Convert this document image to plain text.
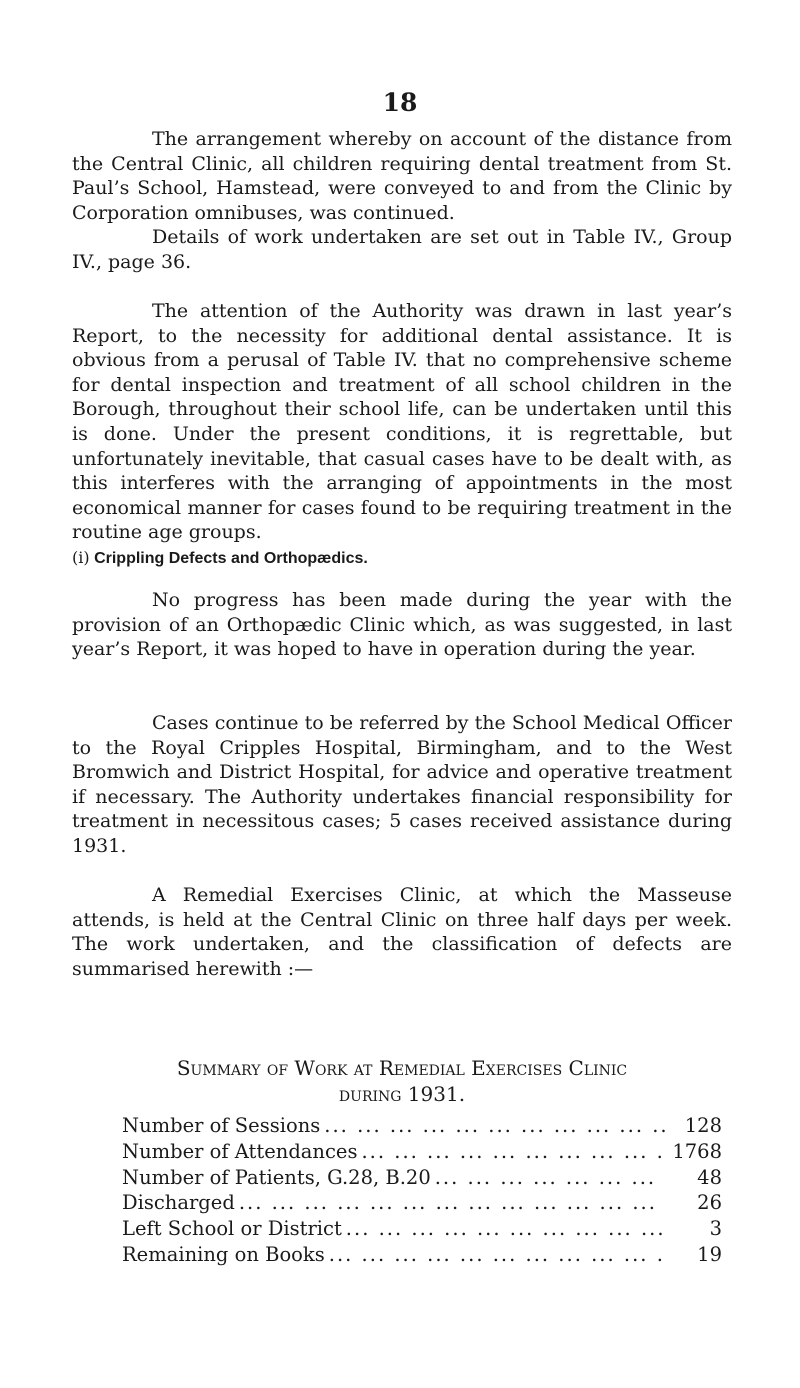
18

The arrangement whereby on account of the distance from the Central Clinic, all children requiring dental treatment from St. Paul’s School, Hamstead, were conveyed to and from the Clinic by Corporation omnibuses, was continued.

Details of work undertaken are set out in Table IV., Group IV., page 36.

The attention of the Authority was drawn in last year’s Report, to the necessity for additional dental assistance. It is obvious from a perusal of Table IV. that no comprehensive scheme for dental inspection and treatment of all school children in the Borough, throughout their school life, can be undertaken until this is done. Under the present conditions, it is regrettable, but unfortunately inevitable, that casual cases have to be dealt with, as this interferes with the arranging of appointments in the most economical manner for cases found to be requiring treatment in the routine age groups.

(i) Crippling Defects and Orthopædics.

No progress has been made during the year with the provision of an Orthopædic Clinic which, as was suggested, in last year’s Report, it was hoped to have in operation during the year.

Cases continue to be referred by the School Medical Officer to the Royal Cripples Hospital, Birmingham, and to the West Bromwich and District Hospital, for advice and operative treatment if necessary. The Authority undertakes financial responsibility for treatment in necessitous cases; 5 cases received assistance during 1931.

A Remedial Exercises Clinic, at which the Masseuse attends, is held at the Central Clinic on three half days per week. The work undertaken, and the classification of defects are summarised herewith :—

Summary of Work at Remedial Exercises Clinic
during 1931.

Number of Sessions ... .	128
Number of Attendances ... .	1768
Number of Patients, G.28, B.20 ... .	48
Discharged ... .	26
Left School or District ... .	3
Remaining on Books ... .	19
